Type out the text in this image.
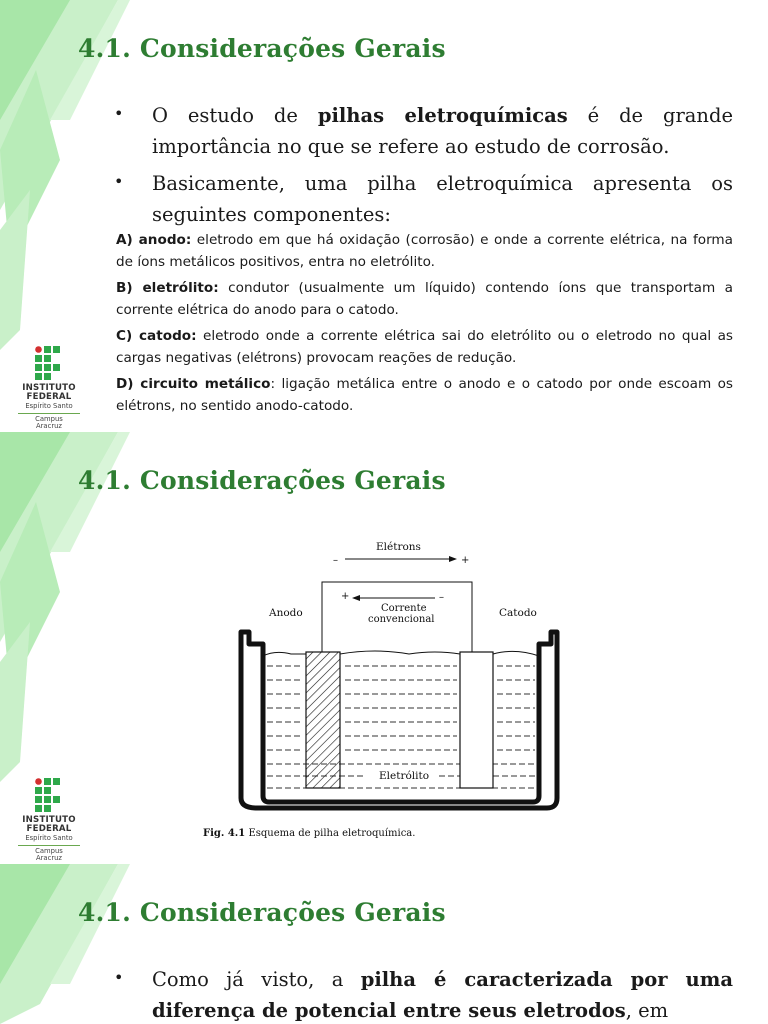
4.1. Considerações Gerais
• O estudo de pilhas eletroquímicas é de grande importância no que se refere ao estudo de corrosão.
• Basicamente, uma pilha eletroquímica apresenta os seguintes componentes:

A) anodo: eletrodo em que há oxidação (corrosão) e onde a corrente elétrica, na forma de íons metálicos positivos, entra no eletrólito.

B) eletrólito: condutor (usualmente um líquido) contendo íons que transportam a corrente elétrica do anodo para o catodo.

C) catodo: eletrodo onde a corrente elétrica sai do eletrólito ou o eletrodo no qual as cargas negativas (elétrons) provocam reações de redução.

D) circuito metálico: ligação metálica entre o anodo e o catodo por onde escoam os elétrons, no sentido anodo-catodo.

INSTITUTO
FEDERAL
Espírito Santo
Campus
Aracruz
4.1. Considerações Gerais
Elétrons
–	+
+	–
Corrente
convencional
Anodo	Catodo
Eletrólito
Fig. 4.1 Esquema de pilha eletroquímica.
INSTITUTO
FEDERAL
Espírito Santo
Campus
Aracruz
4.1. Considerações Gerais
• Como já visto, a pilha é caracterizada por uma diferença de potencial entre seus eletrodos, em
